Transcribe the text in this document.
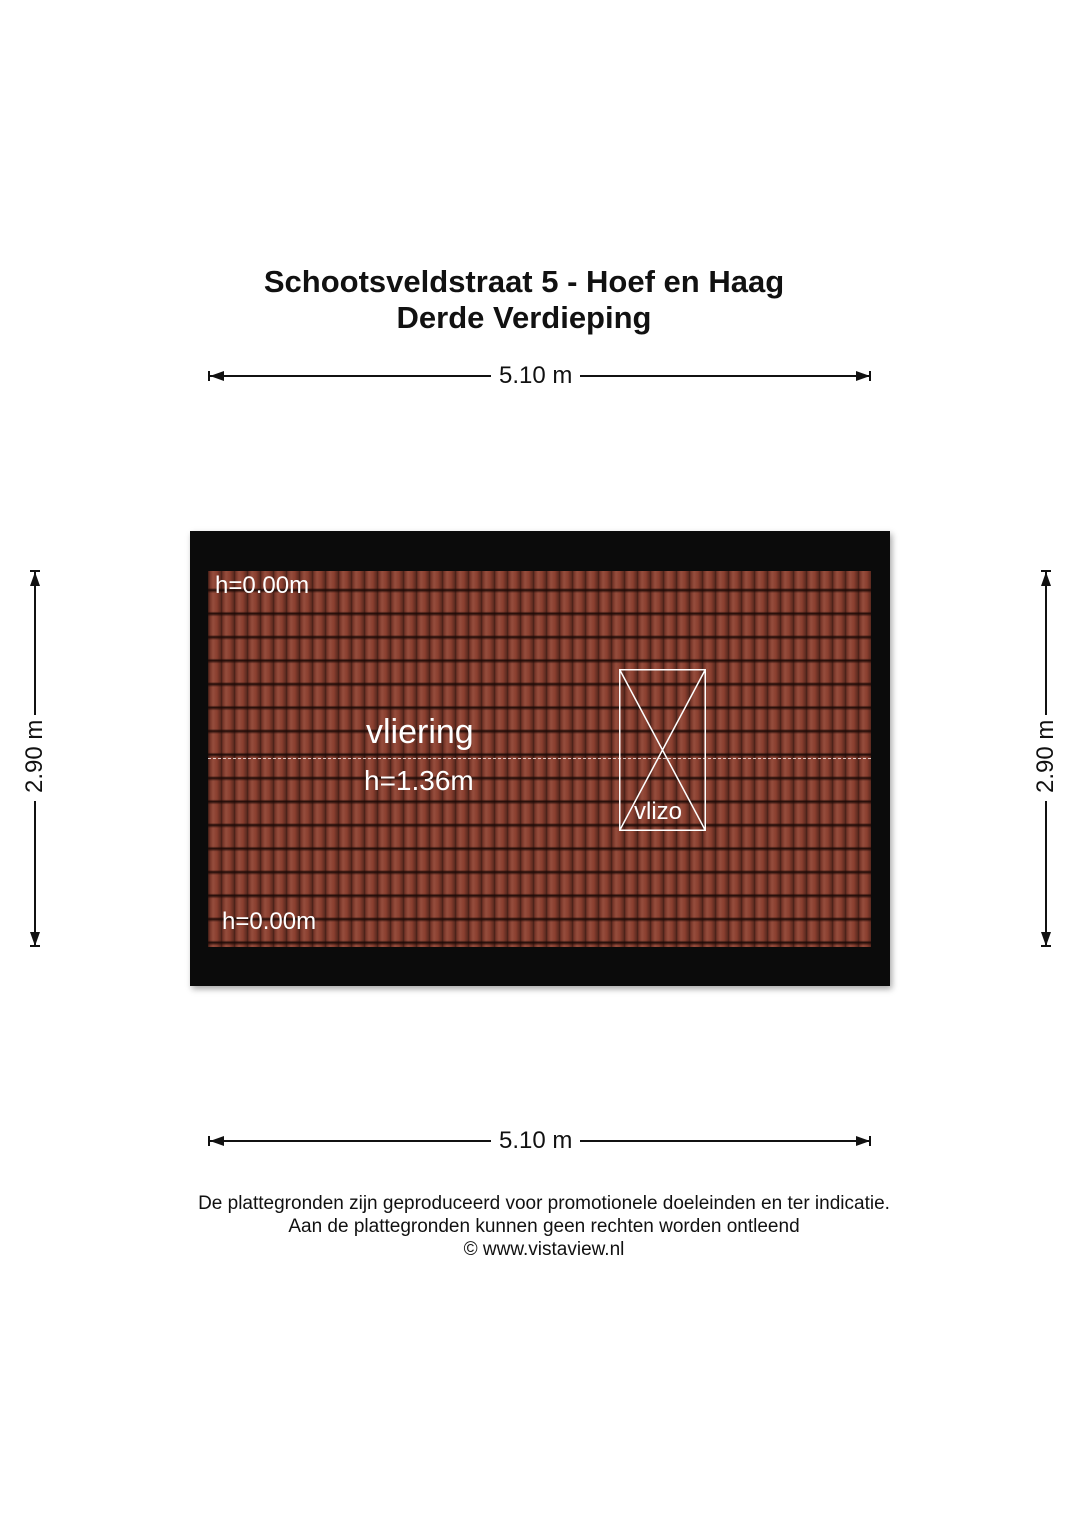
Schootsveldstraat 5 - Hoef en Haag
Derde Verdieping
5.10 m
5.10 m
2.90 m	2.90 m
h=0.00m
vliering
h=1.36m
h=0.00m
vlizo
De plattegronden zijn geproduceerd voor promotionele doeleinden en ter indicatie.
Aan de plattegronden kunnen geen rechten worden ontleend
© www.vistaview.nl
